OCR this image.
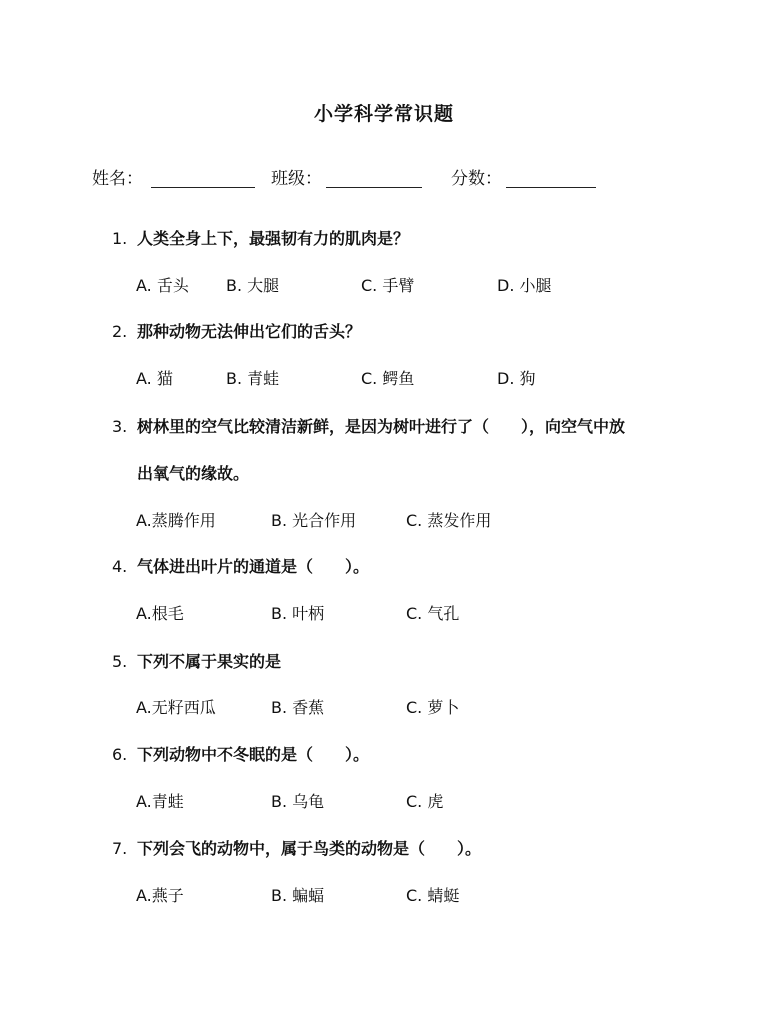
小学科学常识题
姓名：	班级：	分数：
1. 人类全身上下，最强韧有力的肌肉是？
A. 舌头 B. 大腿	C. 手臂	D. 小腿
2. 那种动物无法伸出它们的舌头？
A. 猫	B. 青蛙	C. 鳄鱼	D. 狗
3. 树林里的空气比较清洁新鲜，是因为树叶进行了（　　），向空气中放
出氧气的缘故。
A.蒸腾作用	B. 光合作用	C. 蒸发作用
4. 气体进出叶片的通道是（　　）。
A.根毛	B. 叶柄	C. 气孔
5. 下列不属于果实的是
A.无籽西瓜	B. 香蕉	C. 萝卜
6. 下列动物中不冬眠的是（　　）。
A.青蛙	B. 乌龟	C. 虎
7. 下列会飞的动物中，属于鸟类的动物是（　　）。
A.燕子	B. 蝙蝠	C. 蜻蜓
